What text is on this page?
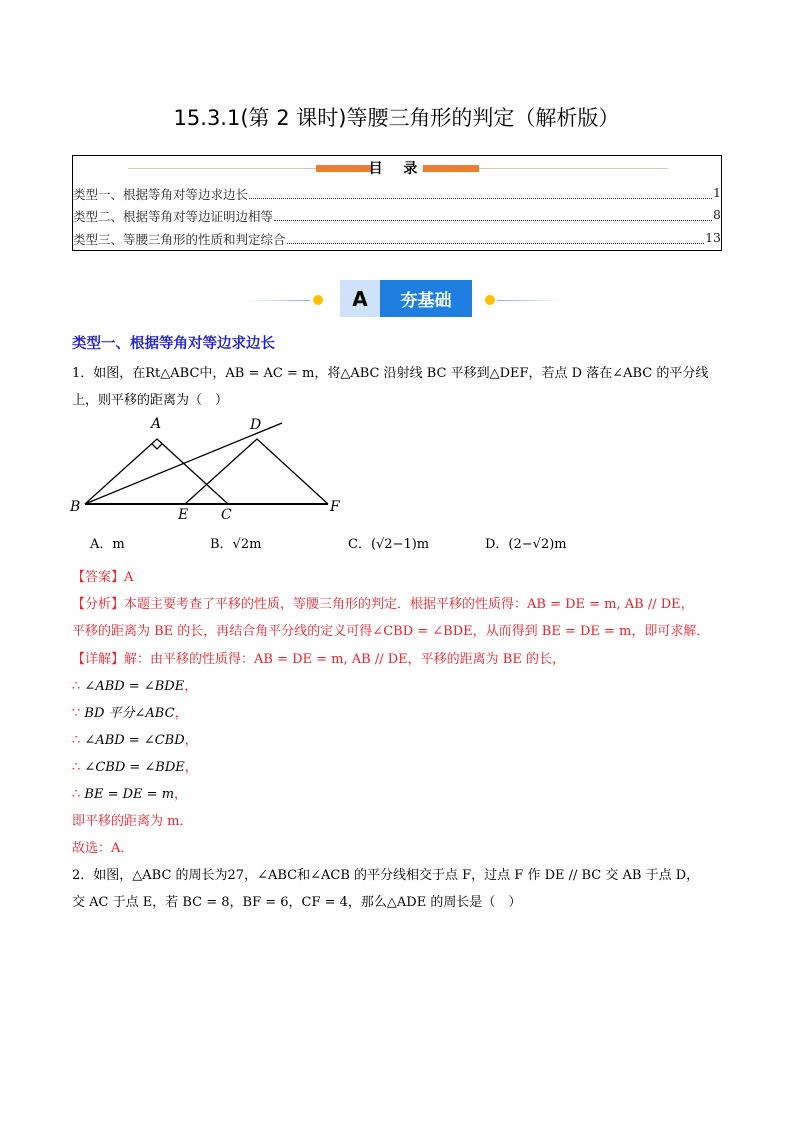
15.3.1(第 2 课时)等腰三角形的判定（解析版）
目 录
类型一、根据等角对等边求边长	1
类型二、根据等角对等边证明边相等	8
类型三、等腰三角形的性质和判定综合	13
A	夯基础
类型一、根据等角对等边求边长
1．如图，在Rt△ABC中，AB = AC = m，将△ABC 沿射线 BC 平移到△DEF，若点 D 落在∠ABC 的平分线
上，则平移的距离为（　）
A	D
B	E C	F
A．m	B．√2m	C．(√2−1)m	D．(2−√2)m
【答案】A
【分析】本题主要考查了平移的性质，等腰三角形的判定．根据平移的性质得：AB = DE = m, AB // DE，
平移的距离为 BE 的长，再结合角平分线的定义可得∠CBD = ∠BDE，从而得到 BE = DE = m，即可求解．
【详解】解：由平移的性质得：AB = DE = m, AB // DE，平移的距离为 BE 的长，
∴ ∠ABD = ∠BDE，
∵ BD 平分∠ABC，
∴ ∠ABD = ∠CBD，
∴ ∠CBD = ∠BDE，
∴ BE = DE = m，
即平移的距离为 m．
故选：A．
2．如图，△ABC 的周长为27，∠ABC和∠ACB 的平分线相交于点 F，过点 F 作 DE // BC 交 AB 于点 D，
交 AC 于点 E，若 BC = 8，BF = 6，CF = 4，那么△ADE 的周长是（　）
